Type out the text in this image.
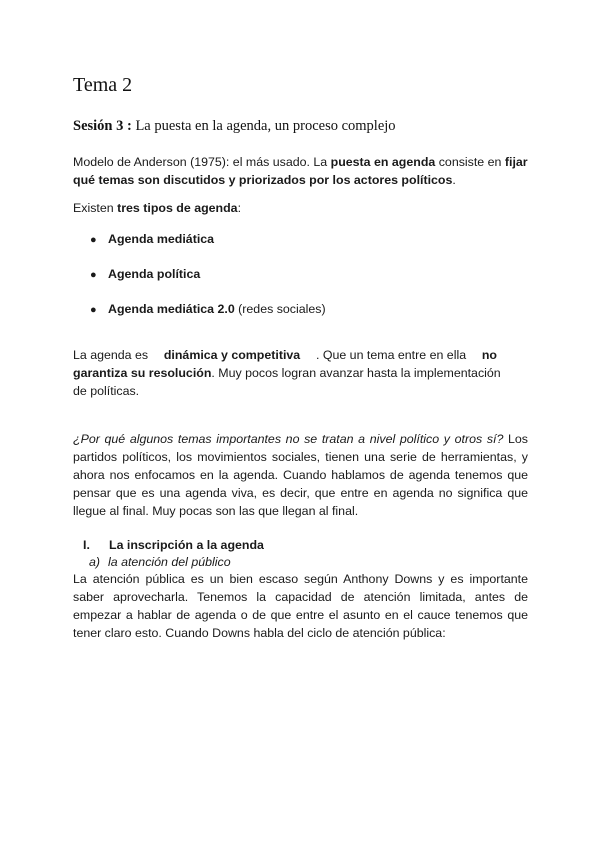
Tema 2
Sesión 3 : La puesta en la agenda, un proceso complejo
Modelo de Anderson (1975): el más usado. La puesta en agenda consiste en fijar
qué temas son discutidos y priorizados por los actores políticos.
Existen tres tipos de agenda:
● Agenda mediática
● Agenda política
● Agenda mediática 2.0 (redes sociales)
La agenda es dinámica y competitiva . Que un tema entre en ella no
garantiza su resolución. Muy pocos logran avanzar hasta la implementación
de políticas.
¿Por qué algunos temas importantes no se tratan a nivel político y otros sí? Los partidos políticos, los movimientos sociales, tienen una serie de herramientas, y ahora nos enfocamos en la agenda. Cuando hablamos de agenda tenemos que pensar que es una agenda viva, es decir, que entre en agenda no significa que llegue al final. Muy pocas son las que llegan al final.
I. La inscripción a la agenda
a) la atención del público
La atención pública es un bien escaso según Anthony Downs y es importante saber aprovecharla. Tenemos la capacidad de atención limitada, antes de empezar a hablar de agenda o de que entre el asunto en el cauce tenemos que tener claro esto. Cuando Downs habla del ciclo de atención pública:
